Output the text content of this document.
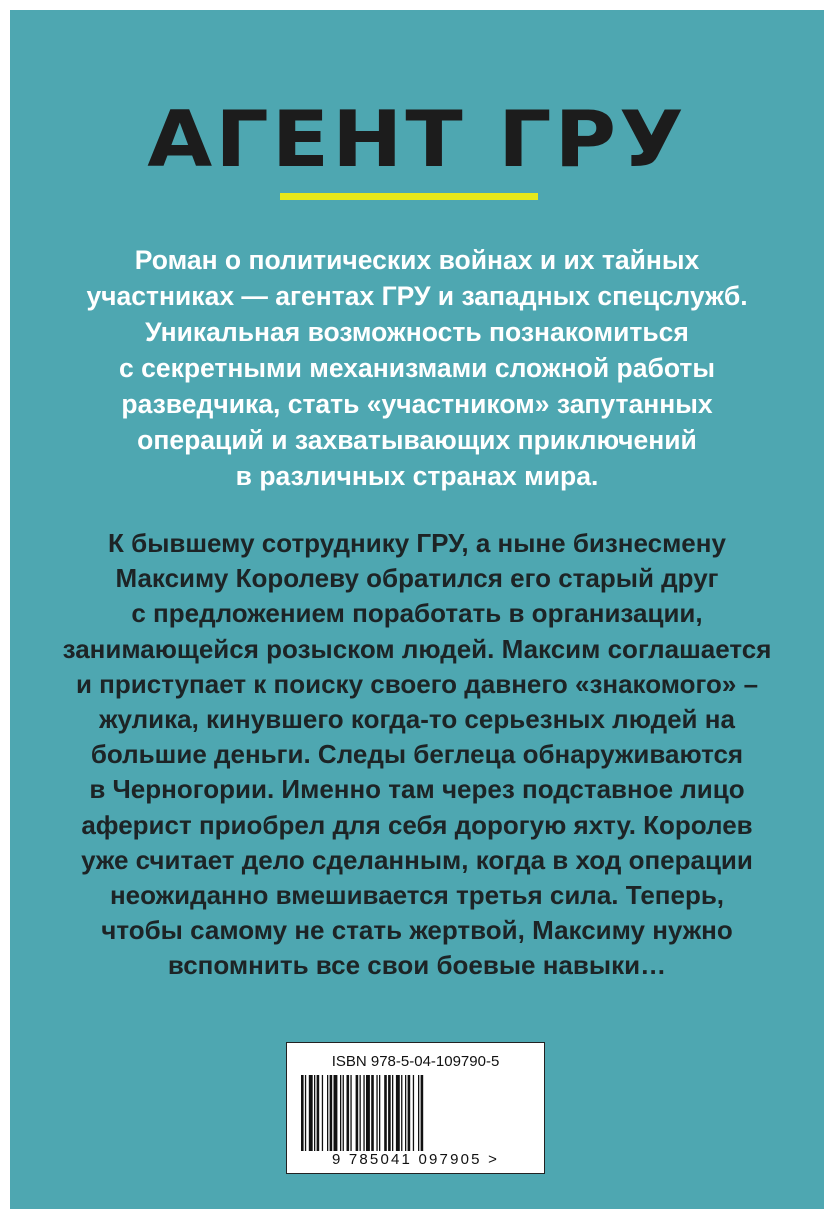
АГЕНТ ГРУ
Роман о политических войнах и их тайных
участниках — агентах ГРУ и западных спецслужб.
Уникальная возможность познакомиться
с секретными механизмами сложной работы
разведчика, стать «участником» запутанных
операций и захватывающих приключений
в различных странах мира.
К бывшему сотруднику ГРУ, а ныне бизнесмену
Максиму Королеву обратился его старый друг
с предложением поработать в организации,
занимающейся розыском людей. Максим соглашается
и приступает к поиску своего давнего «знакомого» –
жулика, кинувшего когда-то серьезных людей на
большие деньги. Следы беглеца обнаруживаются
в Черногории. Именно там через подставное лицо
аферист приобрел для себя дорогую яхту. Королев
уже считает дело сделанным, когда в ход операции
неожиданно вмешивается третья сила. Теперь,
чтобы самому не стать жертвой, Максиму нужно
вспомнить все свои боевые навыки…
ISBN 978-5-04-109790-5
9 785041 097905 >
